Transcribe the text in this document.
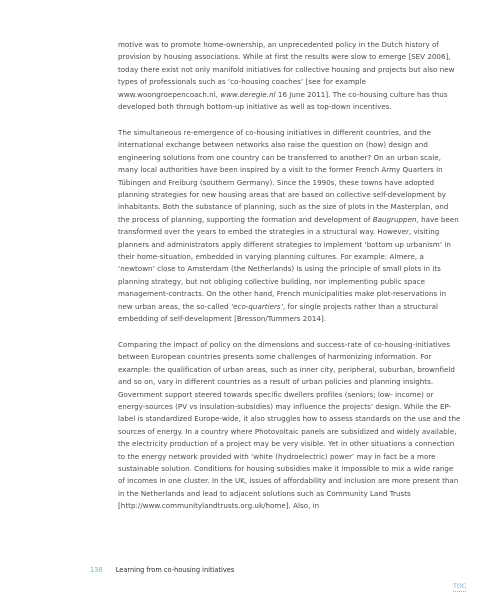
motive was to promote home-ownership, an unprecedented policy in the Dutch history of provision by housing associations. While at first the results were slow to emerge [SEV 2006], today there exist not only manifold initiatives for collective housing and projects but also new types of professionals such as ‘co-housing coaches’ [see for example www.woongroepencoach.nl, www.deregie.nl 16 June 2011]. The co-housing culture has thus developed both through bottom-up initiative as well as top-down incentives.

The simultaneous re-emergence of co-housing initiatives in different countries, and the international exchange between networks also raise the question on (how) design and engineering solutions from one country can be transferred to another? On an urban scale, many local authorities have been inspired by a visit to the former French Army Quarters in Tübingen and Freiburg (southern Germany). Since the 1990s, these towns have adopted planning strategies for new housing areas that are based on collective self-development by inhabitants. Both the substance of planning, such as the size of plots in the Masterplan, and the process of planning, supporting the formation and development of Baugruppen, have been transformed over the years to embed the strategies in a structural way. However, visiting planners and administrators apply different strategies to implement ‘bottom up urbanism’ in their home-situation, embedded in varying planning cultures. For example: Almere, a ‘newtown’ close to Amsterdam (the Netherlands) is using the principle of small plots in its planning strategy, but not obliging collective building, nor implementing public space management-contracts. On the other hand, French municipalities make plot-reservations in new urban areas, the so-called ‘eco-quartiers’, for single projects rather than a structural embedding of self-development [Bresson/Tummers 2014].

Comparing the impact of policy on the dimensions and success-rate of co-housing-initiatives between European countries presents some challenges of harmonizing information. For example: the qualification of urban areas, such as inner city, peripheral, suburban, brownfield and so on, vary in different countries as a result of urban policies and planning insights. Government support steered towards specific dwellers profiles (seniors; low- income) or energy-sources (PV vs insulation-subsidies) may influence the projects’ design. While the EP-label is standardized Europe-wide, it also struggles how to assess standards on the use and the sources of energy. In a country where Photovoltaic panels are subsidized and widely available, the electricity production of a project may be very visible. Yet in other situations a connection to the energy network provided with ‘white (hydroelectric) power’ may in fact be a more sustainable solution. Conditions for housing subsidies make it impossible to mix a wide range of incomes in one cluster. In the UK, issues of affordability and inclusion are more present than in the Netherlands and lead to adjacent solutions such as Community Land Trusts [http://www.communitylandtrusts.org.uk/home]. Also, in

138 Learning from co-housing initiatives
TOC
